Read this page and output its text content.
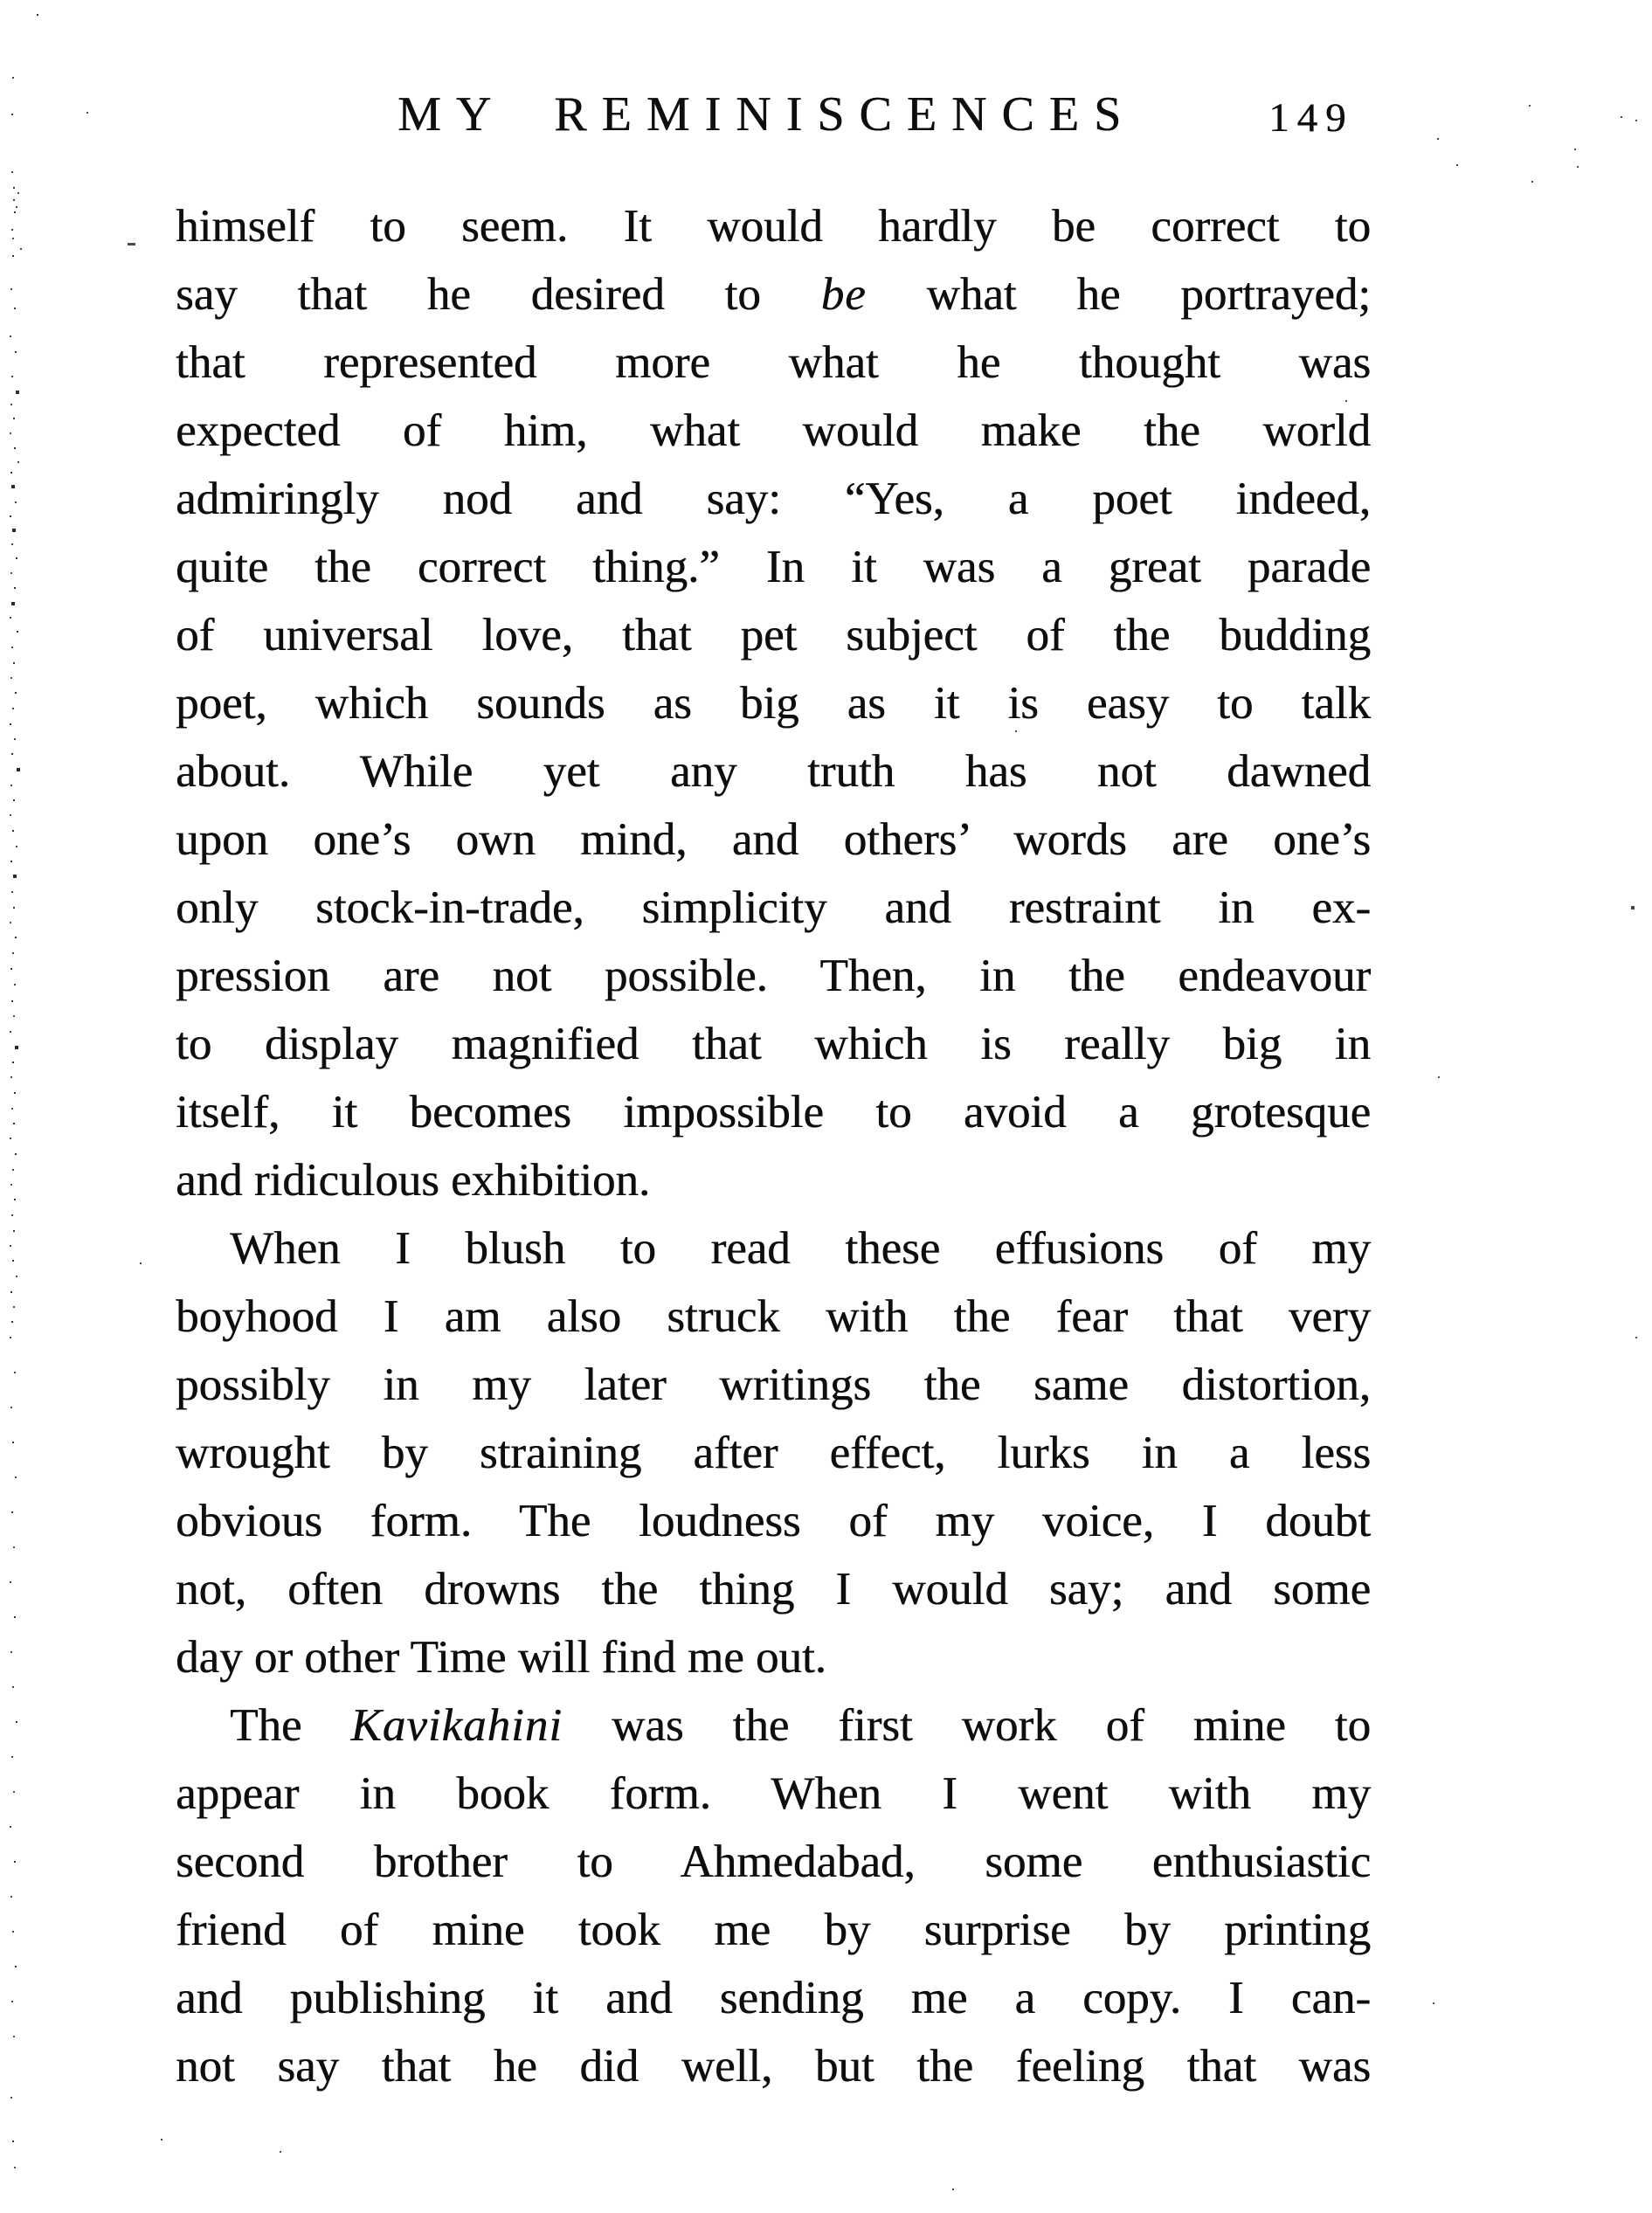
MY REMINISCENCES	149
himself to seem. It would hardly be correct to
say that he desired to be what he portrayed;
that represented more what he thought was
expected of him, what would make the world
admiringly nod and say: “Yes, a poet indeed,
quite the correct thing.” In it was a great parade
of universal love, that pet subject of the budding
poet, which sounds as big as it is easy to talk
about. While yet any truth has not dawned
upon one’s own mind, and others’ words are one’s
only stock-in-trade, simplicity and restraint in ex-
pression are not possible. Then, in the endeavour
to display magnified that which is really big in
itself, it becomes impossible to avoid a grotesque
and ridiculous exhibition.
When I blush to read these effusions of my
boyhood I am also struck with the fear that very
possibly in my later writings the same distortion,
wrought by straining after effect, lurks in a less
obvious form. The loudness of my voice, I doubt
not, often drowns the thing I would say; and some
day or other Time will find me out.
The Kavikahini was the first work of mine to
appear in book form. When I went with my
second brother to Ahmedabad, some enthusiastic
friend of mine took me by surprise by printing
and publishing it and sending me a copy. I can-
not say that he did well, but the feeling that was
